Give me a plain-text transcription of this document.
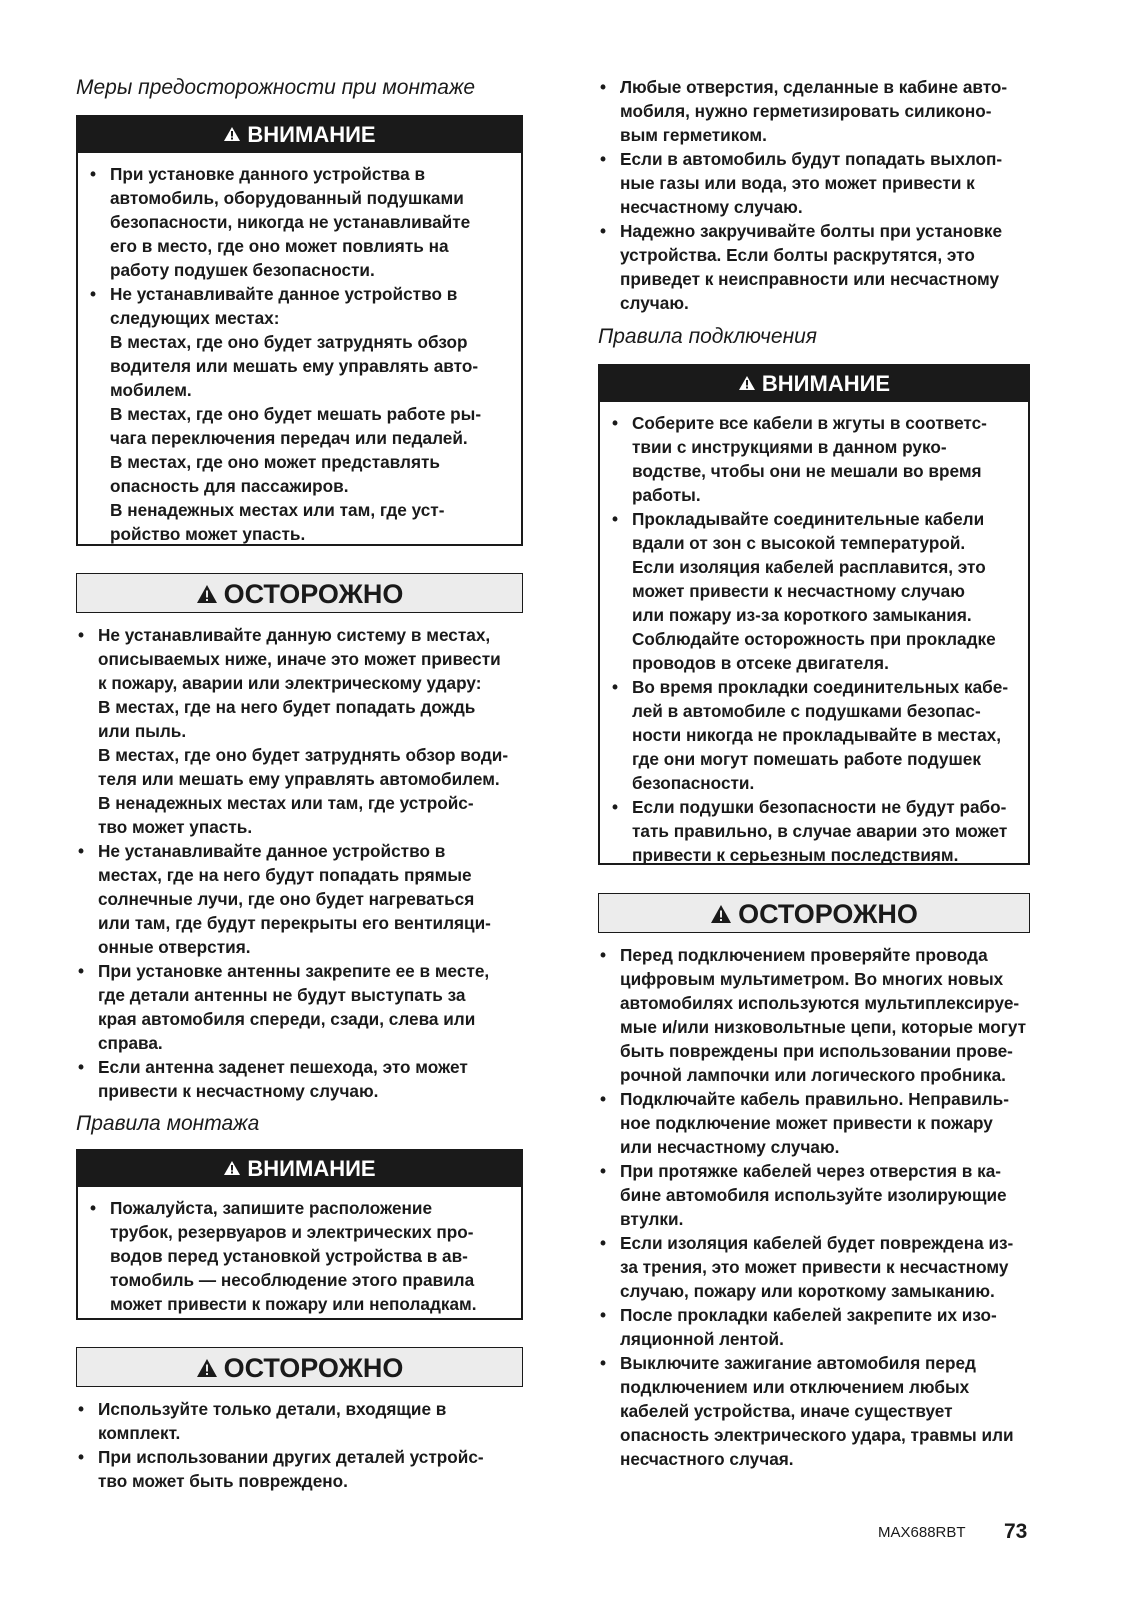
Меры предосторожности при монтаже
ВНИМАНИЕ
• При установке данного устройства в
автомобиль, оборудованный подушками
безопасности, никогда не устанавливайте
его в место, где оно может повлиять на
работу подушек безопасности.
• Не устанавливайте данное устройство в
следующих местах:
В местах, где оно будет затруднять обзор
водителя или мешать ему управлять авто-
мобилем.
В местах, где оно будет мешать работе ры-
чага переключения передач или педалей.
В местах, где оно может представлять
опасность для пассажиров.
В ненадежных местах или там, где уст-
ройство может упасть.
ОСТОРОЖНО
• Не устанавливайте данную систему в местах,
описываемых ниже, иначе это может привести
к пожару, аварии или электрическому удару:
В местах, где на него будет попадать дождь
или пыль.
В местах, где оно будет затруднять обзор води-
теля или мешать ему управлять автомобилем.
В ненадежных местах или там, где устройс-
тво может упасть.
• Не устанавливайте данное устройство в
местах, где на него будут попадать прямые
солнечные лучи, где оно будет нагреваться
или там, где будут перекрыты его вентиляци-
онные отверстия.
• При установке антенны закрепите ее в месте,
где детали антенны не будут выступать за
края автомобиля спереди, сзади, слева или
справа.
• Если антенна заденет пешехода, это может
привести к несчастному случаю.
Правила монтажа
ВНИМАНИЕ
• Пожалуйста, запишите расположение
трубок, резервуаров и электрических про-
водов перед установкой устройства в ав-
томобиль — несоблюдение этого правила
может привести к пожару или неполадкам.
ОСТОРОЖНО
• Используйте только детали, входящие в
комплект.
• При использовании других деталей устройс-
тво может быть повреждено.
• Любые отверстия, сделанные в кабине авто-
мобиля, нужно герметизировать силиконо-
вым герметиком.
• Если в автомобиль будут попадать выхлоп-
ные газы или вода, это может привести к
несчастному случаю.
• Надежно закручивайте болты при установке
устройства. Если болты раскрутятся, это
приведет к неисправности или несчастному
случаю.
Правила подключения
ВНИМАНИЕ
• Соберите все кабели в жгуты в соответс-
твии с инструкциями в данном руко-
водстве, чтобы они не мешали во время
работы.
• Прокладывайте соединительные кабели
вдали от зон с высокой температурой.
Если изоляция кабелей расплавится, это
может привести к несчастному случаю
или пожару из-за короткого замыкания.
Соблюдайте осторожность при прокладке
проводов в отсеке двигателя.
• Во время прокладки соединительных кабе-
лей в автомобиле с подушками безопас-
ности никогда не прокладывайте в местах,
где они могут помешать работе подушек
безопасности.
• Если подушки безопасности не будут рабо-
тать правильно, в случае аварии это может
привести к серьезным последствиям.
ОСТОРОЖНО
• Перед подключением проверяйте провода
цифровым мультиметром. Во многих новых
автомобилях используются мультиплексируе-
мые и/или низковольтные цепи, которые могут
быть повреждены при использовании прове-
рочной лампочки или логического пробника.
• Подключайте кабель правильно. Неправиль-
ное подключение может привести к пожару
или несчастному случаю.
• При протяжке кабелей через отверстия в ка-
бине автомобиля используйте изолирующие
втулки.
• Если изоляция кабелей будет повреждена из-
за трения, это может привести к несчастному
случаю, пожару или короткому замыканию.
• После прокладки кабелей закрепите их изо-
ляционной лентой.
• Выключите зажигание автомобиля перед
подключением или отключением любых
кабелей устройства, иначе существует
опасность электрического удара, травмы или
несчастного случая.
MAX688RBT 73
